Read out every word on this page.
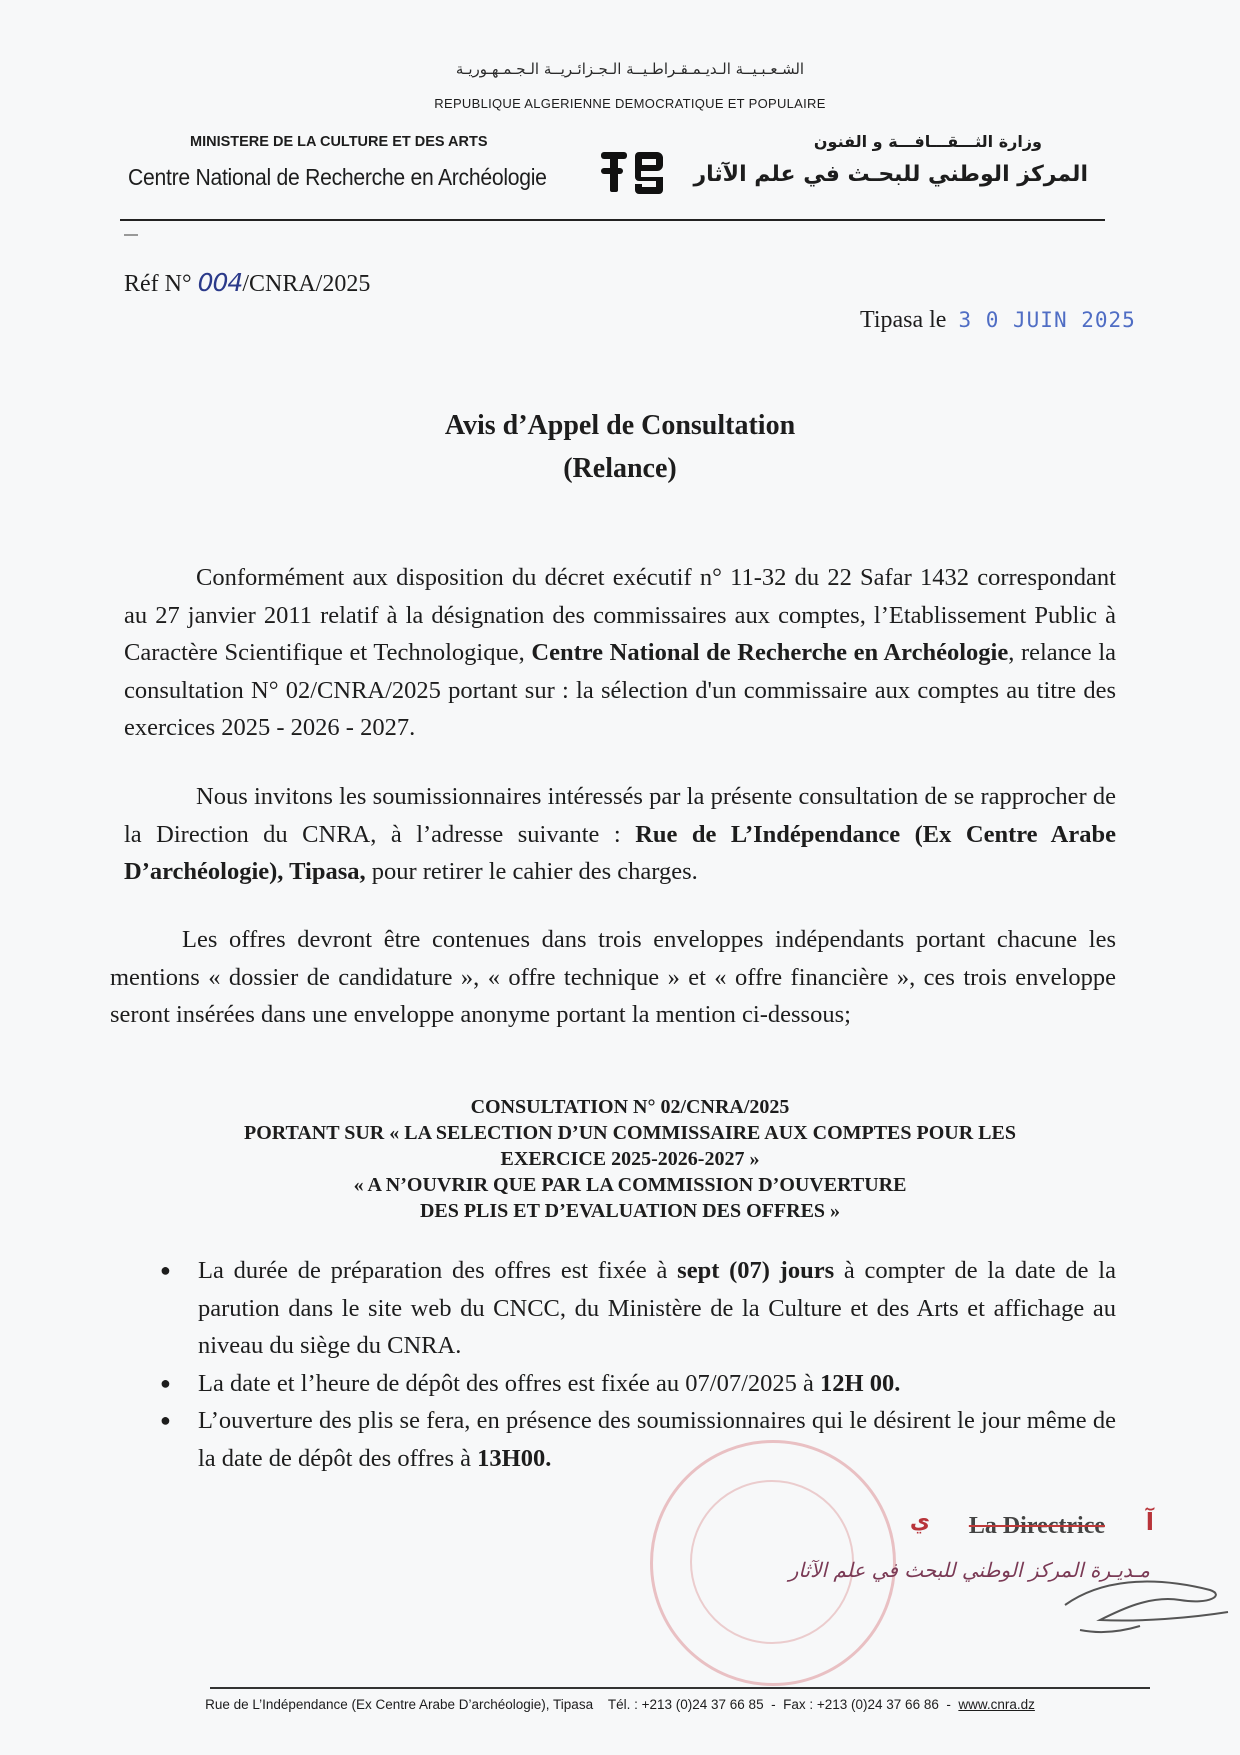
الشـعـبـيــة الـديـمـقـراطـيــة الـجـزائـريــة الـجـمـهـوريـة
REPUBLIQUE ALGERIENNE DEMOCRATIQUE ET POPULAIRE
MINISTERE DE LA CULTURE ET DES ARTS
Centre National de Recherche en Archéologie
وزارة الثـــقـــافـــة و الفنون
المركز الوطني للبحـث في علم الآثار
Réf N° 004/CNRA/2025
Tipasa le 3 0 JUIN 2025
Avis d’Appel de Consultation
(Relance)
Conformément aux disposition du décret exécutif n° 11-32 du 22 Safar 1432 correspondant au 27 janvier 2011 relatif à la désignation des commissaires aux comptes, l’Etablissement Public à Caractère Scientifique et Technologique, Centre National de Recherche en Archéologie, relance la consultation N° 02/CNRA/2025 portant sur : la sélection d'un commissaire aux comptes au titre des exercices 2025 - 2026 - 2027.
Nous invitons les soumissionnaires intéressés par la présente consultation de se rapprocher de la Direction du CNRA, à l’adresse suivante : Rue de L’Indépendance (Ex Centre Arabe D’archéologie), Tipasa, pour retirer le cahier des charges.
Les offres devront être contenues dans trois enveloppes indépendants portant chacune les mentions « dossier de candidature », « offre technique » et « offre financière », ces trois enveloppe seront insérées dans une enveloppe anonyme portant la mention ci-dessous;
CONSULTATION N° 02/CNRA/2025
PORTANT SUR « LA SELECTION D’UN COMMISSAIRE AUX COMPTES POUR LES
EXERCICE 2025-2026-2027 »
« A N’OUVRIR QUE PAR LA COMMISSION D’OUVERTURE
DES PLIS ET D’EVALUATION DES OFFRES »
● La durée de préparation des offres est fixée à sept (07) jours à compter de la date de la parution dans le site web du CNCC, du Ministère de la Culture et des Arts et affichage au niveau du siège du CNRA.
● La date et l’heure de dépôt des offres est fixée au 07/07/2025 à 12H 00.
● L’ouverture des plis se fera, en présence des soumissionnaires qui le désirent le jour même de la date de dépôt des offres à 13H00.
آ
La Directrice
ي
مـديـرة المركز الوطني للبحث في علم الآثار
Rue de L’Indépendance (Ex Centre Arabe D’archéologie), Tipasa Tél. : +213 (0)24 37 66 85 - Fax : +213 (0)24 37 66 86 - www.cnra.dz
